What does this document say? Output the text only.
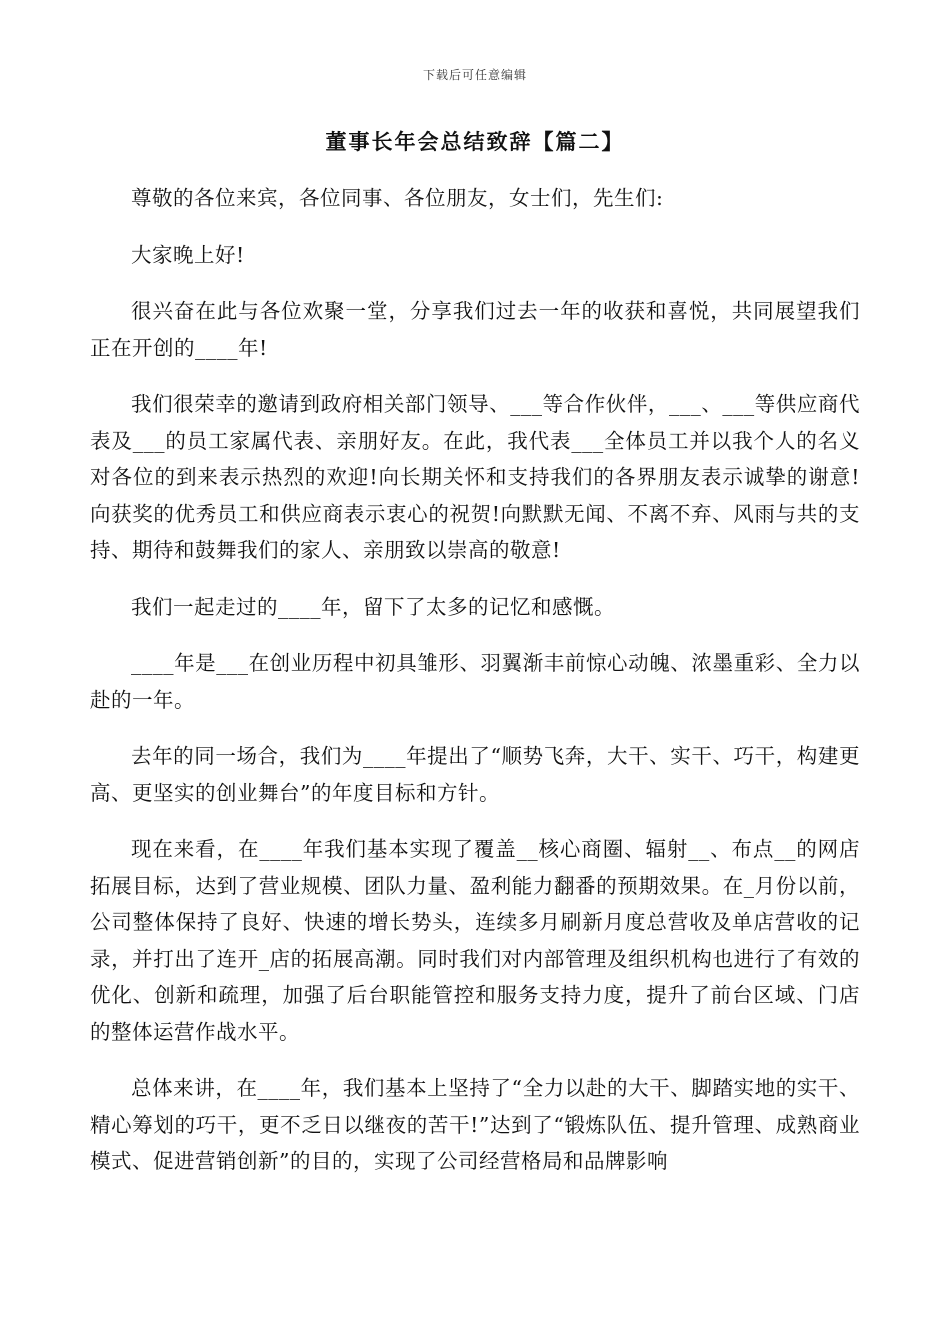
下载后可任意编辑
董事长年会总结致辞【篇二】

尊敬的各位来宾，各位同事、各位朋友，女士们，先生们:

大家晚上好!

很兴奋在此与各位欢聚一堂，分享我们过去一年的收获和喜悦，共同展望我们正在开创的____年!

我们很荣幸的邀请到政府相关部门领导、___等合作伙伴，___、___等供应商代表及___的员工家属代表、亲朋好友。在此，我代表___全体员工并以我个人的名义对各位的到来表示热烈的欢迎!向长期关怀和支持我们的各界朋友表示诚挚的谢意!向获奖的优秀员工和供应商表示衷心的祝贺!向默默无闻、不离不弃、风雨与共的支持、期待和鼓舞我们的家人、亲朋致以崇高的敬意!

我们一起走过的____年，留下了太多的记忆和感慨。

____年是___在创业历程中初具雏形、羽翼渐丰前惊心动魄、浓墨重彩、全力以赴的一年。

去年的同一场合，我们为____年提出了“顺势飞奔，大干、实干、巧干，构建更高、更坚实的创业舞台”的年度目标和方针。

现在来看，在____年我们基本实现了覆盖__核心商圈、辐射__、布点__的网店拓展目标，达到了营业规模、团队力量、盈利能力翻番的预期效果。在_月份以前，公司整体保持了良好、快速的增长势头，连续多月刷新月度总营收及单店营收的记录，并打出了连开_店的拓展高潮。同时我们对内部管理及组织机构也进行了有效的优化、创新和疏理，加强了后台职能管控和服务支持力度，提升了前台区域、门店的整体运营作战水平。

总体来讲，在____年，我们基本上坚持了“全力以赴的大干、脚踏实地的实干、精心筹划的巧干，更不乏日以继夜的苦干!”达到了“锻炼队伍、提升管理、成熟商业模式、促进营销创新”的目的，实现了公司经营格局和品牌影响
